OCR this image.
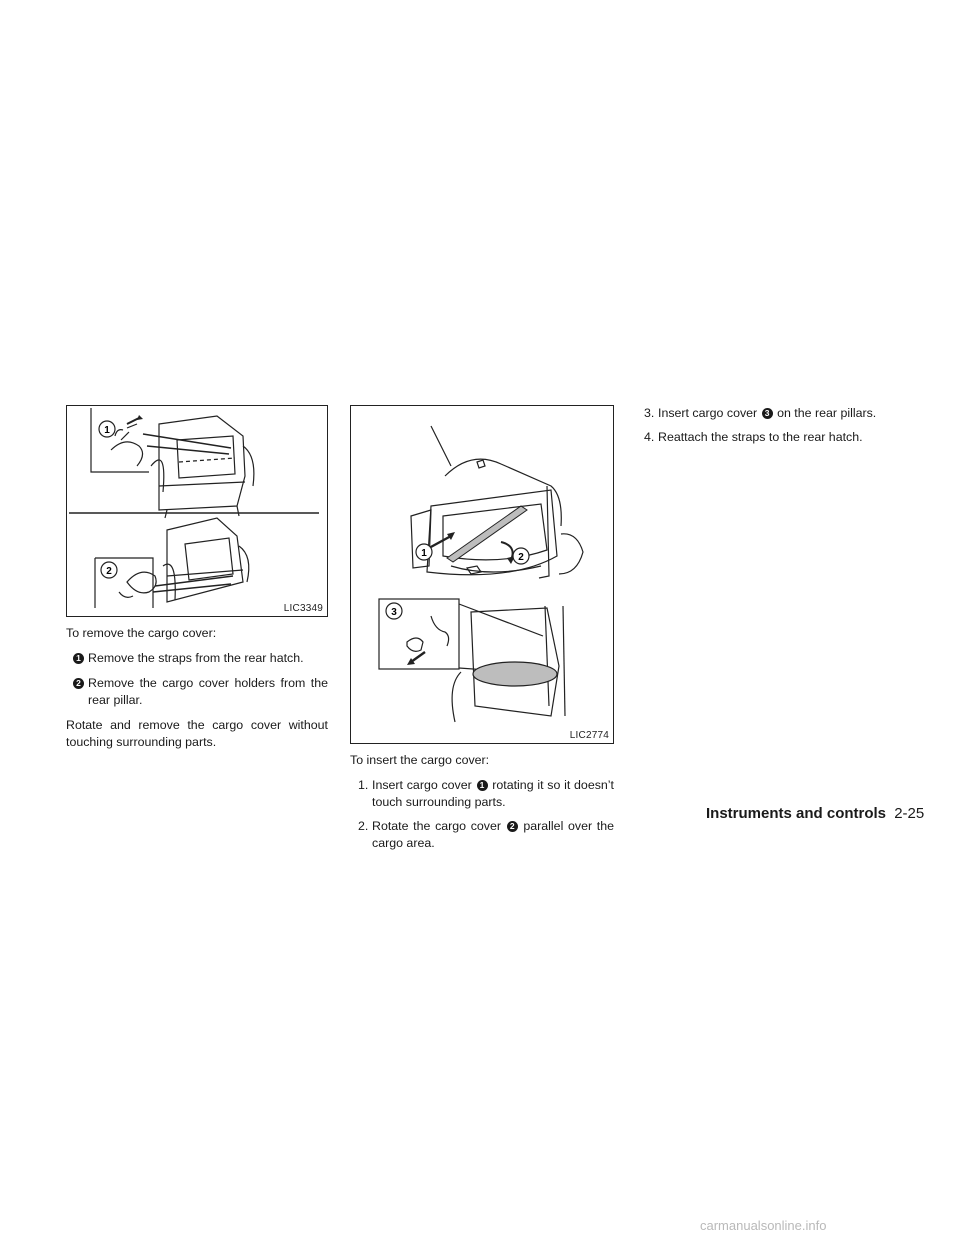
1
2
LIC3349
1	2
3
LIC2774

To remove the cargo cover:

1 Remove the straps from the rear hatch.
2 Remove the cargo cover holders from the rear pillar.

Rotate and remove the cargo cover without touching surrounding parts.

To insert the cargo cover:

1. Insert cargo cover 1 rotating it so it doesn’t touch surrounding parts.
2. Rotate the cargo cover 2 parallel over the cargo area.
3. Insert cargo cover 3 on the rear pillars.
4. Reattach the straps to the rear hatch.
Instruments and controls 2-25
carmanualsonline.info
